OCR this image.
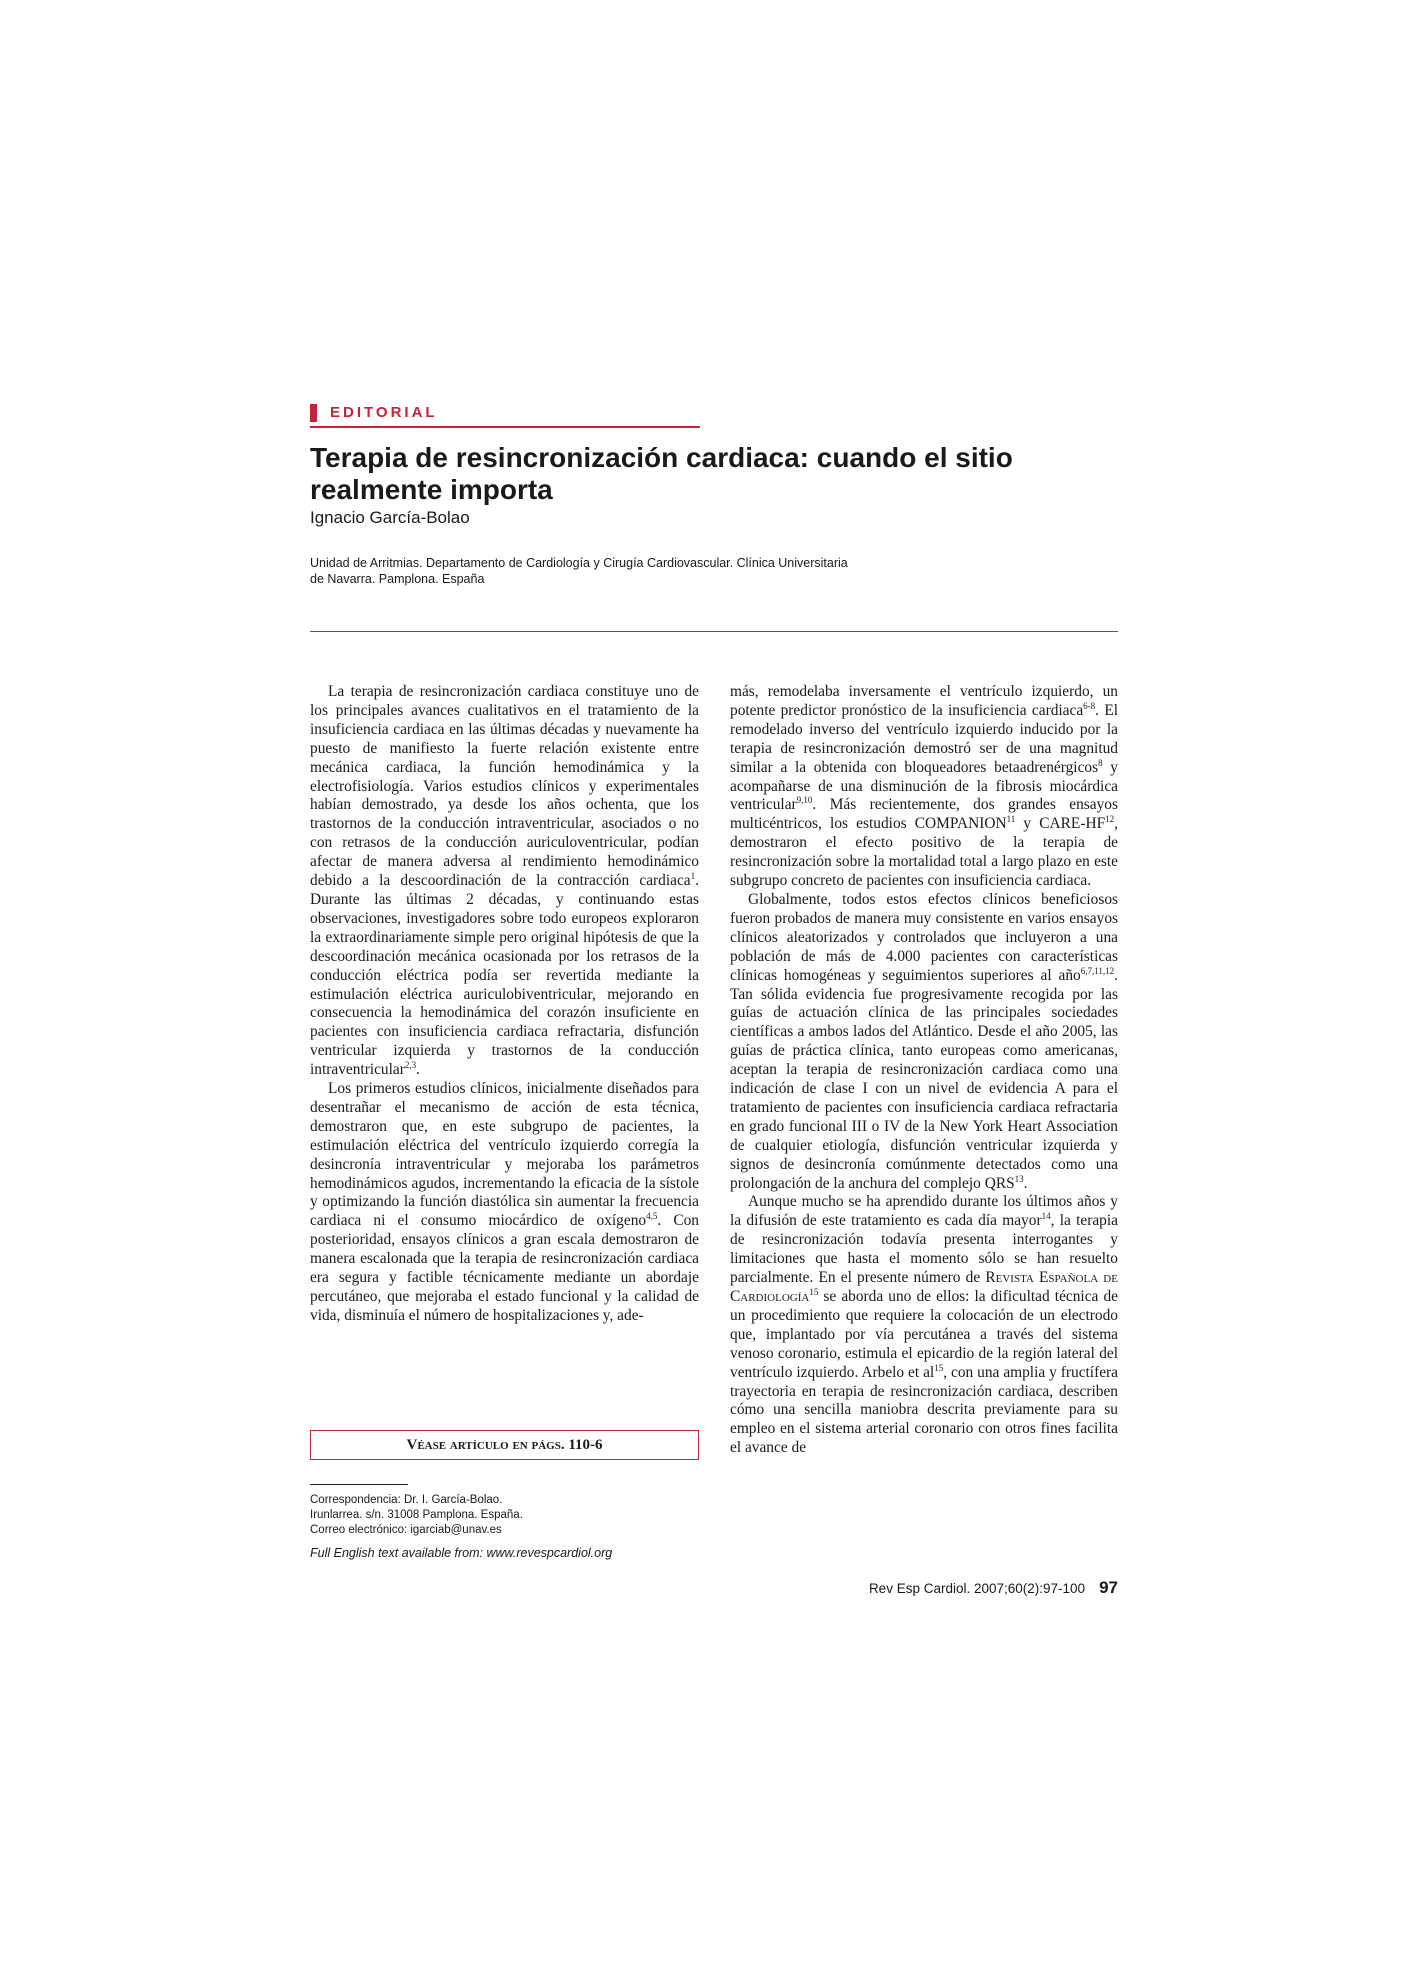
EDITORIAL
Terapia de resincronización cardiaca: cuando el sitio realmente importa
Ignacio García-Bolao
Unidad de Arritmias. Departamento de Cardiología y Cirugía Cardiovascular. Clínica Universitaria
de Navarra. Pamplona. España

La terapia de resincronización cardiaca constituye uno de los principales avances cualitativos en el tratamiento de la insuficiencia cardiaca en las últimas décadas y nuevamente ha puesto de manifiesto la fuerte relación existente entre mecánica cardiaca, la función hemodinámica y la electrofisiología. Varios estudios clínicos y experimentales habían demostrado, ya desde los años ochenta, que los trastornos de la conducción intraventricular, asociados o no con retrasos de la conducción auriculoventricular, podían afectar de manera adversa al rendimiento hemodinámico debido a la descoordinación de la contracción cardiaca$^1$. Durante las últimas 2 décadas, y continuando estas observaciones, investigadores sobre todo europeos exploraron la extraordinariamente simple pero original hipótesis de que la descoordinación mecánica ocasionada por los retrasos de la conducción eléctrica podía ser revertida mediante la estimulación eléctrica auriculobiventricular, mejorando en consecuencia la hemodinámica del corazón insuficiente en pacientes con insuficiencia cardiaca refractaria, disfunción ventricular izquierda y trastornos de la conducción intraventricular$^{2,3}$.

Los primeros estudios clínicos, inicialmente diseñados para desentrañar el mecanismo de acción de esta técnica, demostraron que, en este subgrupo de pacientes, la estimulación eléctrica del ventrículo izquierdo corregía la desincronía intraventricular y mejoraba los parámetros hemodinámicos agudos, incrementando la eficacia de la sístole y optimizando la función diastólica sin aumentar la frecuencia cardiaca ni el consumo miocárdico de oxígeno$^{4,5}$. Con posterioridad, ensayos clínicos a gran escala demostraron de manera escalonada que la terapia de resincronización cardiaca era segura y factible técnicamente mediante un abordaje percutáneo, que mejoraba el estado funcional y la calidad de vida, disminuía el número de hospitalizaciones y, ade-

más, remodelaba inversamente el ventrículo izquierdo, un potente predictor pronóstico de la insuficiencia cardiaca$^{6-8}$. El remodelado inverso del ventrículo izquierdo inducido por la terapia de resincronización demostró ser de una magnitud similar a la obtenida con bloqueadores betaadrenérgicos$^8$ y acompañarse de una disminución de la fibrosis miocárdica ventricular$^{9,10}$. Más recientemente, dos grandes ensayos multicéntricos, los estudios COMPANION$^{11}$ y CARE-HF$^{12}$, demostraron el efecto positivo de la terapia de resincronización sobre la mortalidad total a largo plazo en este subgrupo concreto de pacientes con insuficiencia cardiaca.

Globalmente, todos estos efectos clínicos beneficiosos fueron probados de manera muy consistente en varios ensayos clínicos aleatorizados y controlados que incluyeron a una población de más de 4.000 pacientes con características clínicas homogéneas y seguimientos superiores al año$^{6,7,11,12}$. Tan sólida evidencia fue progresivamente recogida por las guías de actuación clínica de las principales sociedades científicas a ambos lados del Atlántico. Desde el año 2005, las guías de práctica clínica, tanto europeas como americanas, aceptan la terapia de resincronización cardiaca como una indicación de clase I con un nivel de evidencia A para el tratamiento de pacientes con insuficiencia cardiaca refractaria en grado funcional III o IV de la New York Heart Association de cualquier etiología, disfunción ventricular izquierda y signos de desincronía comúnmente detectados como una prolongación de la anchura del complejo QRS$^{13}$.

Aunque mucho se ha aprendido durante los últimos años y la difusión de este tratamiento es cada día mayor$^{14}$, la terapia de resincronización todavía presenta interrogantes y limitaciones que hasta el momento sólo se han resuelto parcialmente. En el presente número de Revista Española de Cardiología$^{15}$ se aborda uno de ellos: la dificultad técnica de un procedimiento que requiere la colocación de un electrodo que, implantado por vía percutánea a través del sistema venoso coronario, estimula el epicardio de la región lateral del ventrículo izquierdo. Arbelo et $al^{15}$, con una amplia y fructífera trayectoria en terapia de resincronización cardiaca, describen cómo una sencilla maniobra descrita previamente para su empleo en el sistema arterial coronario con otros fines facilita el avance de

Véase artículo en págs. 110-6
Correspondencia: Dr. I. García-Bolao.
Irunlarrea. s/n. 31008 Pamplona. España.
Correo electrónico: igarciab@unav.es
Full English text available from: www.revespcardiol.org
Rev Esp Cardiol. 2007;60(2):97-100 97
